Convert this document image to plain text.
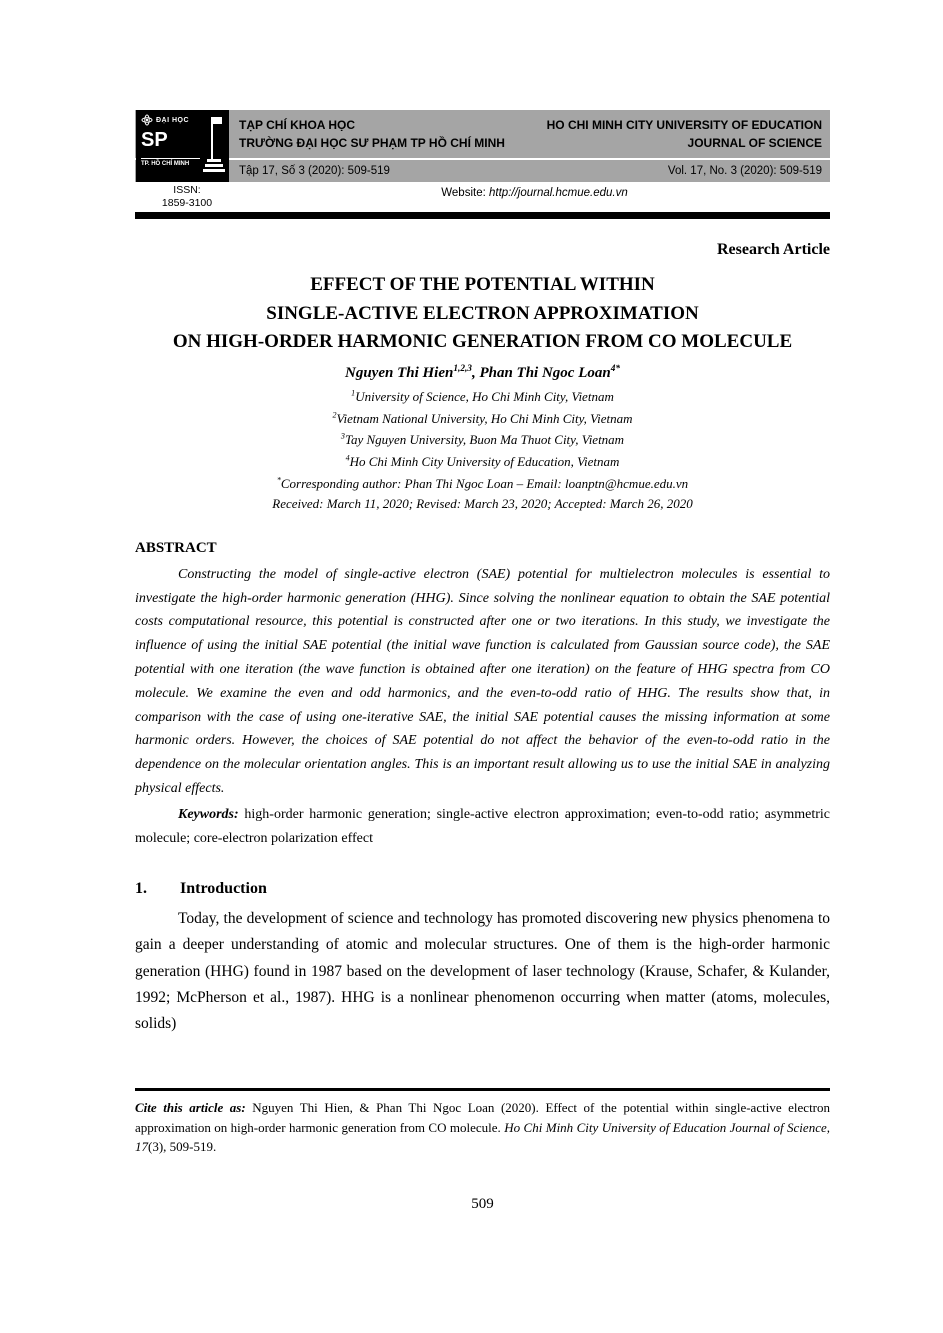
ĐẠI HỌC
SP
TP. HỒ CHÍ MINH
TẠP CHÍ KHOA HỌC
TRƯỜNG ĐẠI HỌC SƯ PHẠM TP HỒ CHÍ MINH
HO CHI MINH CITY UNIVERSITY OF EDUCATION
JOURNAL OF SCIENCE
Tập 17, Số 3 (2020): 509-519	Vol. 17, No. 3 (2020): 509-519
ISSN:
1859-3100
Website: http://journal.hcmue.edu.vn
Research Article
EFFECT OF THE POTENTIAL WITHIN
SINGLE-ACTIVE ELECTRON APPROXIMATION
ON HIGH-ORDER HARMONIC GENERATION FROM CO MOLECULE
Nguyen Thi Hien$^{1,2,3}$, Phan Thi Ngoc Loan$^{4*}$
$^1$University of Science, Ho Chi Minh City, Vietnam
$^2$Vietnam National University, Ho Chi Minh City, Vietnam
$^3$Tay Nguyen University, Buon Ma Thuot City, Vietnam
$^4$Ho Chi Minh City University of Education, Vietnam
*Corresponding author: Phan Thi Ngoc Loan – Email: loanptn@hcmue.edu.vn
Received: March 11, 2020; Revised: March 23, 2020; Accepted: March 26, 2020
ABSTRACT

Constructing the model of single-active electron (SAE) potential for multielectron molecules is essential to investigate the high-order harmonic generation (HHG). Since solving the nonlinear equation to obtain the SAE potential costs computational resource, this potential is constructed after one or two iterations. In this study, we investigate the influence of using the initial SAE potential (the initial wave function is calculated from Gaussian source code), the SAE potential with one iteration (the wave function is obtained after one iteration) on the feature of HHG spectra from CO molecule. We examine the even and odd harmonics, and the even-to-odd ratio of HHG. The results show that, in comparison with the case of using one-iterative SAE, the initial SAE potential causes the missing information at some harmonic orders. However, the choices of SAE potential do not affect the behavior of the even-to-odd ratio in the dependence on the molecular orientation angles. This is an important result allowing us to use the initial SAE in analyzing physical effects.

Keywords: high-order harmonic generation; single-active electron approximation; even-to-odd ratio; asymmetric molecule; core-electron polarization effect

1. Introduction

Today, the development of science and technology has promoted discovering new physics phenomena to gain a deeper understanding of atomic and molecular structures. One of them is the high-order harmonic generation (HHG) found in 1987 based on the development of laser technology (Krause, Schafer, & Kulander, 1992; McPherson et al., 1987). HHG is a nonlinear phenomenon occurring when matter (atoms, molecules, solids)

Cite this article as: Nguyen Thi Hien, & Phan Thi Ngoc Loan (2020). Effect of the potential within single-active electron approximation on high-order harmonic generation from CO molecule. Ho Chi Minh City University of Education Journal of Science, 17(3), 509-519.
509
